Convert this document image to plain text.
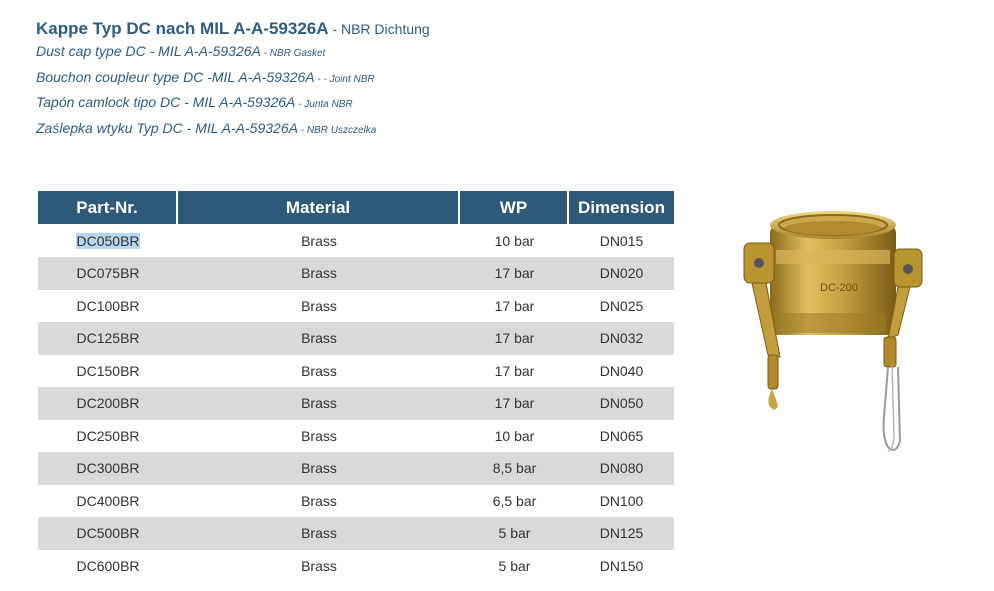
Kappe Typ DC nach MIL A-A-59326A - NBR Dichtung
Dust cap type DC - MIL A-A-59326A - NBR Gasket
Bouchon coupleur type DC -MIL A-A-59326A - - Joint NBR
Tapón camlock tipo DC - MIL A-A-59326A - Junta NBR
Zaślepka wtyku Typ DC - MIL A-A-59326A - NBR Uszczelka
Part-Nr.	Material	WP	Dimension
DC050BR	Brass	10 bar	DN015
DC075BR	Brass	17 bar	DN020
DC100BR	Brass	17 bar	DN025
DC125BR	Brass	17 bar	DN032
DC150BR	Brass	17 bar	DN040
DC200BR	Brass	17 bar	DN050
DC250BR	Brass	10 bar	DN065
DC300BR	Brass	8,5 bar	DN080
DC400BR	Brass	6,5 bar	DN100
DC500BR	Brass	5 bar	DN125
DC600BR	Brass	5 bar	DN150
DC-200
